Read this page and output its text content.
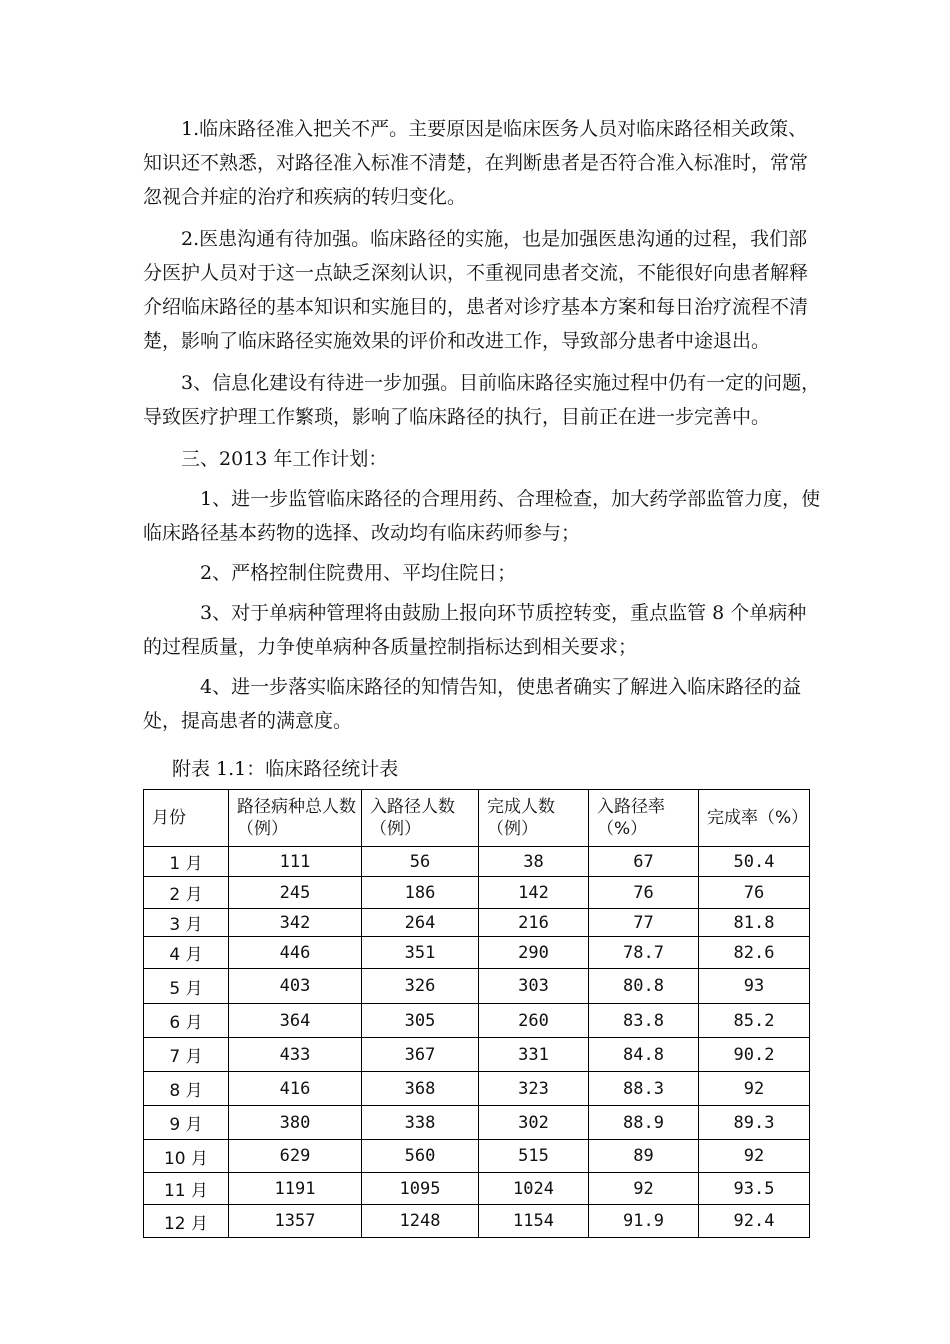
1.临床路径准入把关不严。主要原因是临床医务人员对临床路径相关政策、知识还不熟悉，对路径准入标准不清楚，在判断患者是否符合准入标准时，常常忽视合并症的治疗和疾病的转归变化。

2.医患沟通有待加强。临床路径的实施，也是加强医患沟通的过程，我们部分医护人员对于这一点缺乏深刻认识，不重视同患者交流，不能很好向患者解释介绍临床路径的基本知识和实施目的，患者对诊疗基本方案和每日治疗流程不清楚，影响了临床路径实施效果的评价和改进工作，导致部分患者中途退出。

3、信息化建设有待进一步加强。目前临床路径实施过程中仍有一定的问题，导致医疗护理工作繁琐，影响了临床路径的执行，目前正在进一步完善中。

三、2013 年工作计划：

1、进一步监管临床路径的合理用药、合理检查，加大药学部监管力度，使临床路径基本药物的选择、改动均有临床药师参与；

2、严格控制住院费用、平均住院日；

3、对于单病种管理将由鼓励上报向环节质控转变，重点监管 8 个单病种的过程质量，力争使单病种各质量控制指标达到相关要求；

4、进一步落实临床路径的知情告知，使患者确实了解进入临床路径的益处，提高患者的满意度。

附表 1.1：临床路径统计表

月份	路径病种总人数（例）	入路径人数（例）	完成人数（例）	入路径率（%）	完成率（%）
1 月	111	56	38	67	50.4
2 月	245	186	142	76	76
3 月	342	264	216	77	81.8
4 月	446	351	290	78.7	82.6
5 月	403	326	303	80.8	93
6 月	364	305	260	83.8	85.2
7 月	433	367	331	84.8	90.2
8 月	416	368	323	88.3	92
9 月	380	338	302	88.9	89.3
10 月	629	560	515	89	92
11 月	1191	1095	1024	92	93.5
12 月	1357	1248	1154	91.9	92.4
